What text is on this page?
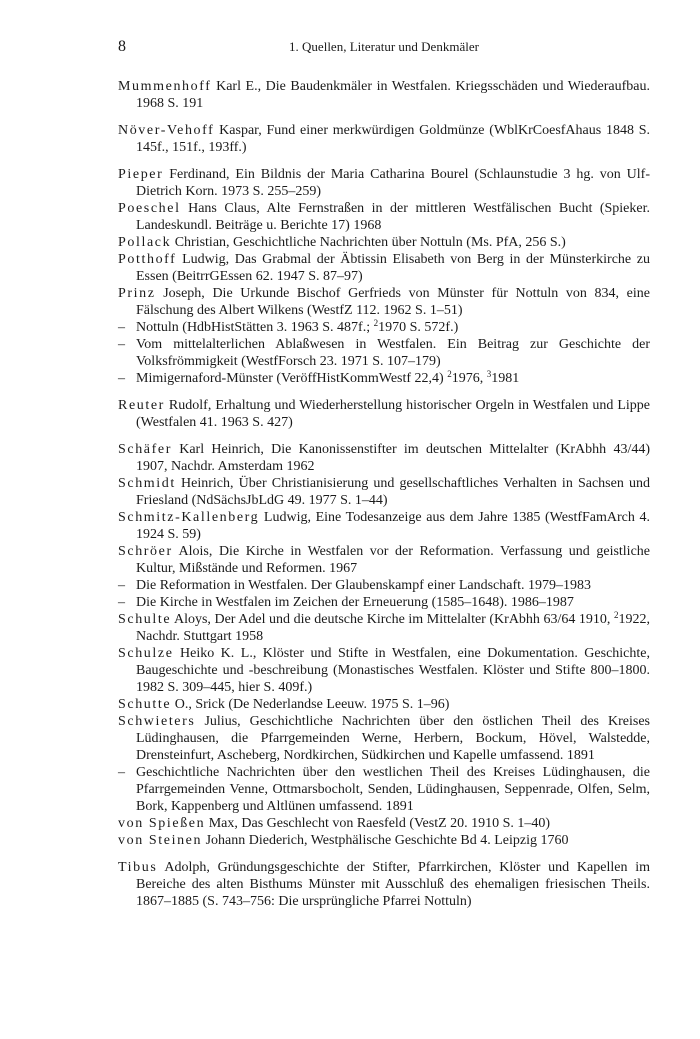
8	1. Quellen, Literatur und Denkmäler

Mummenhoff Karl E., Die Baudenkmäler in Westfalen. Kriegsschäden und Wiederaufbau. 1968 S. 191

Növer-Vehoff Kaspar, Fund einer merkwürdigen Goldmünze (WblKrCoesfAhaus 1848 S. 145f., 151f., 193ff.)

Pieper Ferdinand, Ein Bildnis der Maria Catharina Bourel (Schlaunstudie 3 hg. von Ulf-Dietrich Korn. 1973 S. 255–259)

Poeschel Hans Claus, Alte Fernstraßen in der mittleren Westfälischen Bucht (Spieker. Landeskundl. Beiträge u. Berichte 17) 1968

Pollack Christian, Geschichtliche Nachrichten über Nottuln (Ms. PfA, 256 S.)

Potthoff Ludwig, Das Grabmal der Äbtissin Elisabeth von Berg in der Münsterkirche zu Essen (BeitrrGEssen 62. 1947 S. 87–97)

Prinz Joseph, Die Urkunde Bischof Gerfrieds von Münster für Nottuln von 834, eine Fälschung des Albert Wilkens (WestfZ 112. 1962 S. 1–51)

– Nottuln (HdbHistStätten 3. 1963 S. 487f.; $^2$1970 S. 572f.)

– Vom mittelalterlichen Ablaßwesen in Westfalen. Ein Beitrag zur Geschichte der Volksfrömmigkeit (WestfForsch 23. 1971 S. 107–179)

– Mimigernaford-Münster (VeröffHistKommWestf 22,4) $^2$1976, $^3$1981

Reuter Rudolf, Erhaltung und Wiederherstellung historischer Orgeln in Westfalen und Lippe (Westfalen 41. 1963 S. 427)

Schäfer Karl Heinrich, Die Kanonissenstifter im deutschen Mittelalter (KrAbhh 43/44) 1907, Nachdr. Amsterdam 1962

Schmidt Heinrich, Über Christianisierung und gesellschaftliches Verhalten in Sachsen und Friesland (NdSächsJbLdG 49. 1977 S. 1–44)

Schmitz-Kallenberg Ludwig, Eine Todesanzeige aus dem Jahre 1385 (WestfFamArch 4. 1924 S. 59)

Schröer Alois, Die Kirche in Westfalen vor der Reformation. Verfassung und geistliche Kultur, Mißstände und Reformen. 1967

– Die Reformation in Westfalen. Der Glaubenskampf einer Landschaft. 1979–1983

– Die Kirche in Westfalen im Zeichen der Erneuerung (1585–1648). 1986–1987

Schulte Aloys, Der Adel und die deutsche Kirche im Mittelalter (KrAbhh 63/64 1910, $^2$1922, Nachdr. Stuttgart 1958

Schulze Heiko K. L., Klöster und Stifte in Westfalen, eine Dokumentation. Geschichte, Baugeschichte und -beschreibung (Monastisches Westfalen. Klöster und Stifte 800–1800. 1982 S. 309–445, hier S. 409f.)

Schutte O., Srick (De Nederlandse Leeuw. 1975 S. 1–96)

Schwieters Julius, Geschichtliche Nachrichten über den östlichen Theil des Kreises Lüdinghausen, die Pfarrgemeinden Werne, Herbern, Bockum, Hövel, Walstedde, Drensteinfurt, Ascheberg, Nordkirchen, Südkirchen und Kapelle umfassend. 1891

– Geschichtliche Nachrichten über den westlichen Theil des Kreises Lüdinghausen, die Pfarrgemeinden Venne, Ottmarsbocholt, Senden, Lüdinghausen, Seppenrade, Olfen, Selm, Bork, Kappenberg und Altlünen umfassend. 1891

von Spießen Max, Das Geschlecht von Raesfeld (VestZ 20. 1910 S. 1–40)

von Steinen Johann Diederich, Westphälische Geschichte Bd 4. Leipzig 1760

Tibus Adolph, Gründungsgeschichte der Stifter, Pfarrkirchen, Klöster und Kapellen im Bereiche des alten Bisthums Münster mit Ausschluß des ehemaligen friesischen Theils. 1867–1885 (S. 743–756: Die ursprüngliche Pfarrei Nottuln)
